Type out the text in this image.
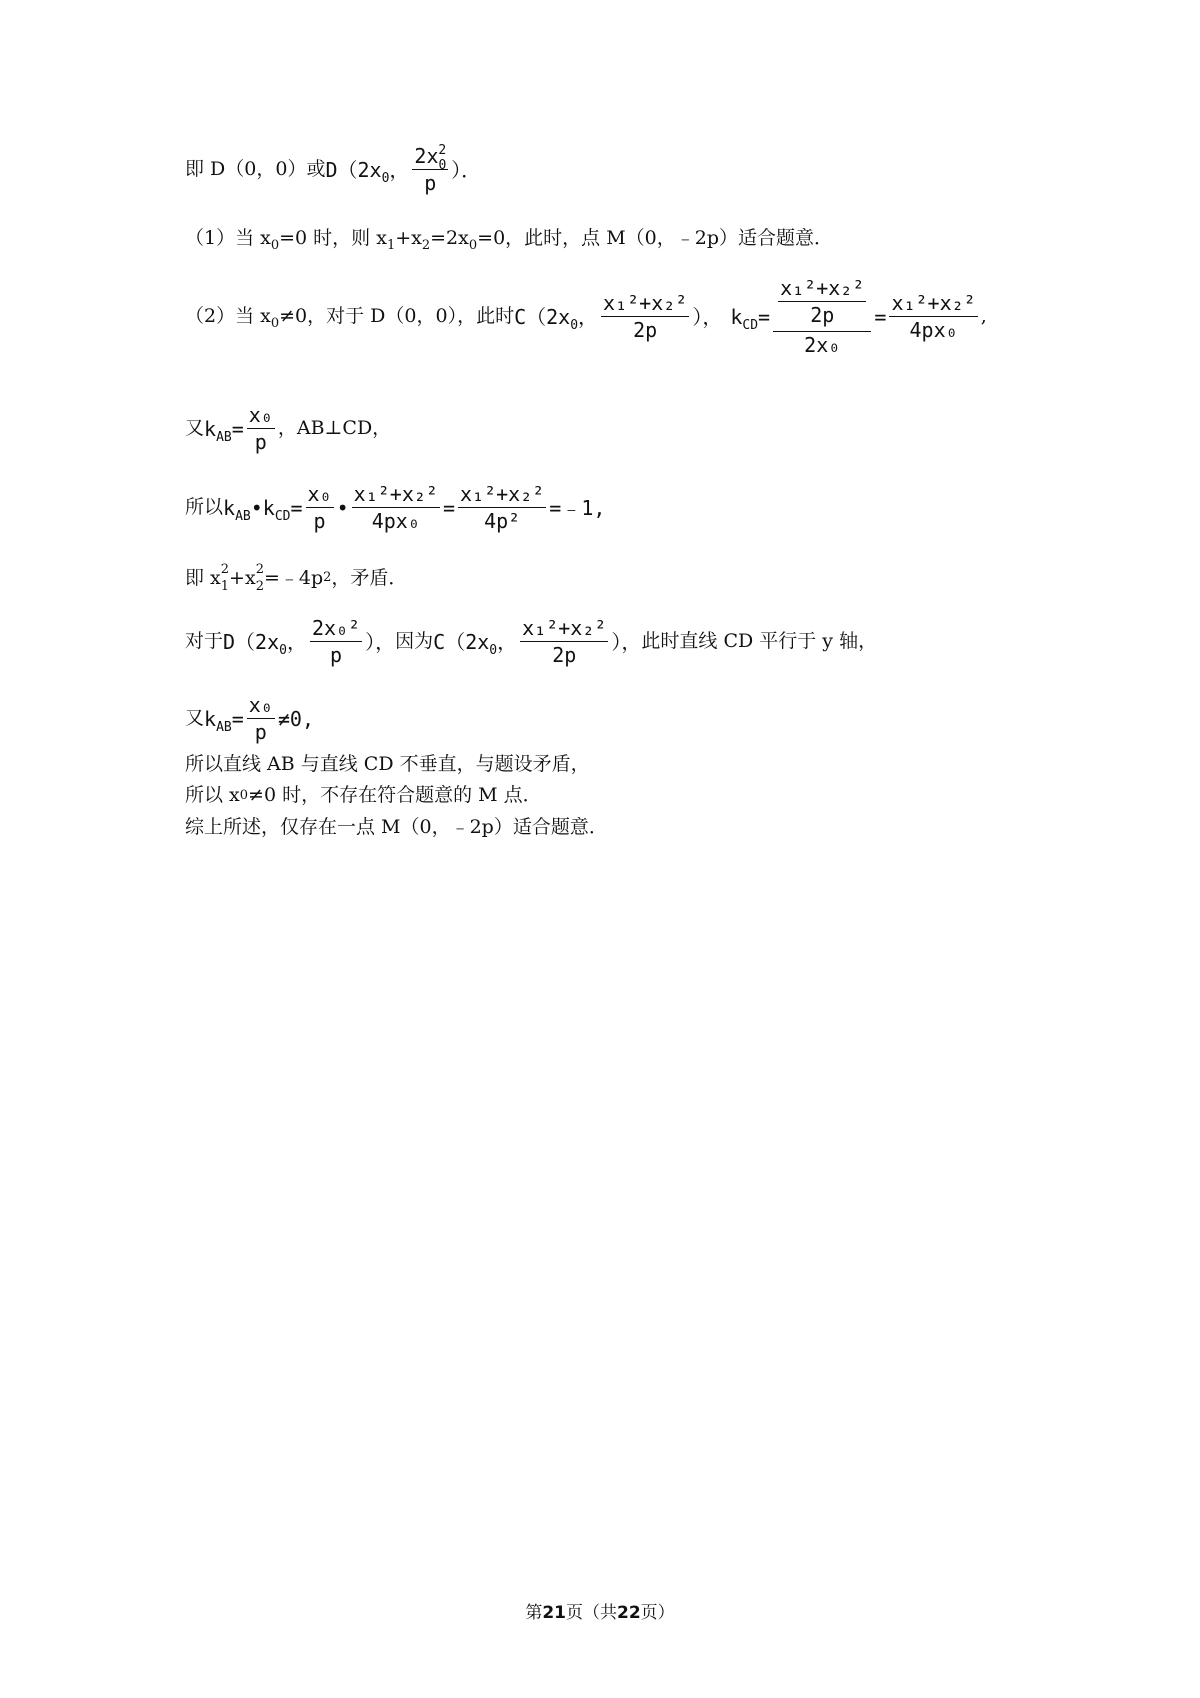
即 D（0，0）或 $D(2x_0$， $\frac{2x_0^2}{p}$ ）．
（1）当 $x_0=0$ 时，则 $x_1+x_2=2x_0=0$，此时，点 M（0，﹣2p）适合题意．
（2）当 $x_0\ne 0$，对于 D（0，0），此时 $C(2x_0$， $\frac{\text{x₁²+x₂²}}{2p}$ ）， $k_{CD}= \frac{\frac{\text{x₁²+x₂²}}{2p}}{\text{2x₀}} = \frac{\text{x₁²+x₂²}}{\text{4px₀}}$ ,
又 $k_{AB}= \frac{\text{x₀}}{p}$ ，AB⊥CD，
所以 $k_{AB}•k_{CD}= \frac{\text{x₀}}{p}$ • $\frac{\text{x₁²+x₂²}}{\text{4px₀}} = \frac{\text{x₁²+x₂²}}{\text{4p²}}$ =﹣1,
即 x 2
1 +x 2
2 =﹣4p 2 ，矛盾．
对于 $D(2x_0$， $\frac{\text{2x₀²}}{p}$ ）， 因为 $C(2x_0$， $\frac{\text{x₁²+x₂²}}{2p}$ ）， 此时直线 CD 平行于 y 轴，
又 $k_{AB}= \frac{\text{x₀}}{p} \ne 0$,
所以直线 AB 与直线 CD 不垂直，与题设矛盾，
所以 x 0 ≠0 时，不存在符合题意的 M 点．
综上所述，仅存在一点 M（0，﹣2p）适合题意．
第21页（共22页）
